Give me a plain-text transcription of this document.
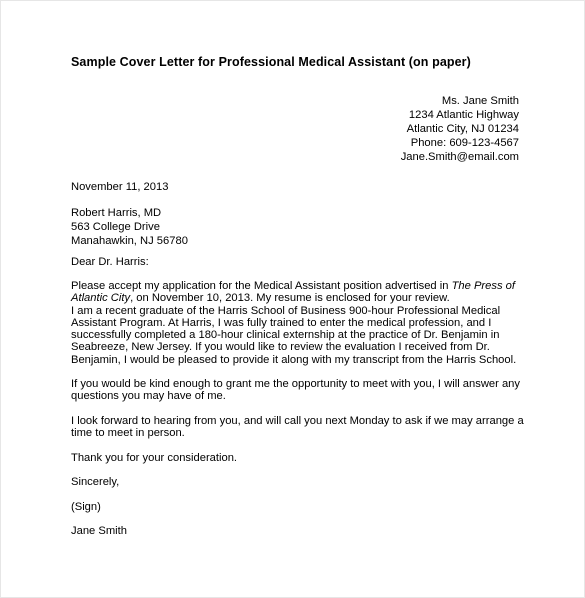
Sample Cover Letter for Professional Medical Assistant (on paper)
Ms. Jane Smith
1234 Atlantic Highway
Atlantic City, NJ 01234
Phone: 609-123-4567
Jane.Smith@email.com
November 11, 2013
Robert Harris, MD
563 College Drive
Manahawkin, NJ 56780
Dear Dr. Harris:
Please accept my application for the Medical Assistant position advertised in The Press of
Atlantic City, on November 10, 2013. My resume is enclosed for your review.
I am a recent graduate of the Harris School of Business 900-hour Professional Medical
Assistant Program. At Harris, I was fully trained to enter the medical profession, and I
successfully completed a 180-hour clinical externship at the practice of Dr. Benjamin in
Seabreeze, New Jersey. If you would like to review the evaluation I received from Dr.
Benjamin, I would be pleased to provide it along with my transcript from the Harris School.
If you would be kind enough to grant me the opportunity to meet with you, I will answer any
questions you may have of me.
I look forward to hearing from you, and will call you next Monday to ask if we may arrange a
time to meet in person.
Thank you for your consideration.
Sincerely,
(Sign)
Jane Smith
